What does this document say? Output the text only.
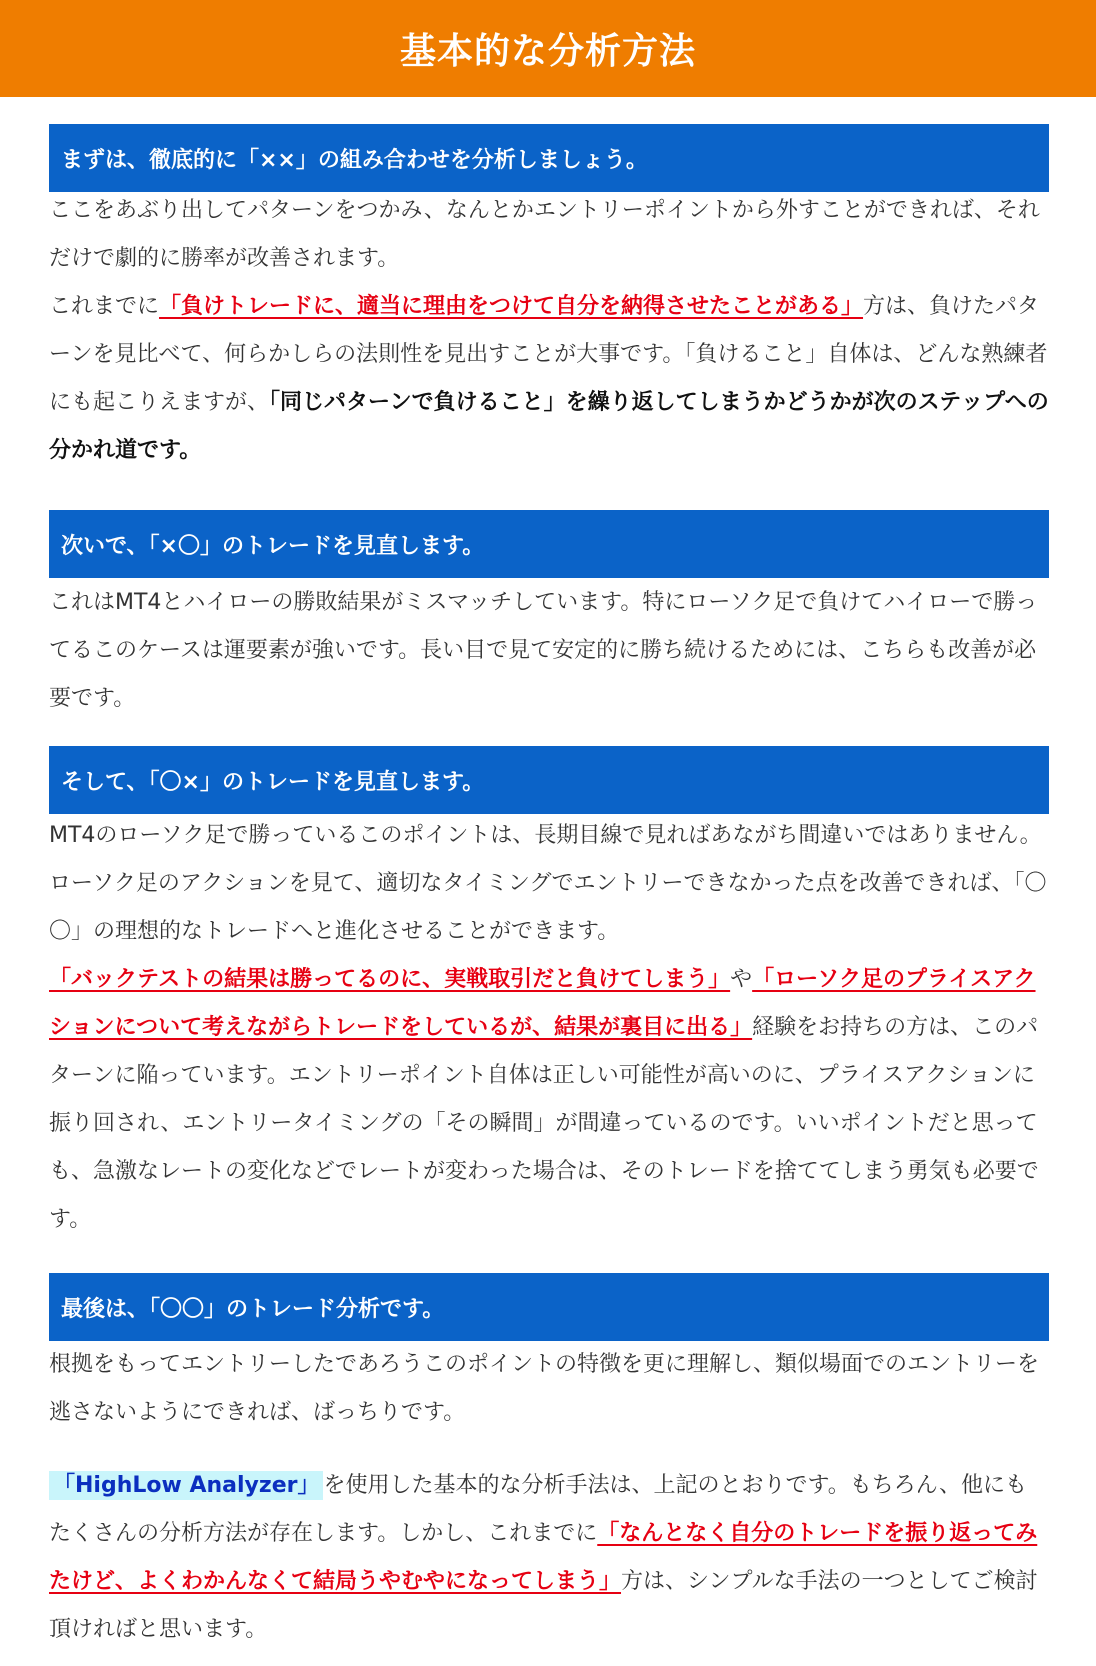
基本的な分析方法
まずは、徹底的に「××」の組み合わせを分析しましょう。

ここをあぶり出してパターンをつかみ、なんとかエントリーポイントから外すことができれば、それだけで劇的に勝率が改善されます。

これまでに「負けトレードに、適当に理由をつけて自分を納得させたことがある」方は、負けたパターンを見比べて、何らかしらの法則性を見出すことが大事です。「負けること」自体は、どんな熟練者にも起こりえますが、「同じパターンで負けること」を繰り返してしまうかどうかが次のステップへの分かれ道です。

次いで、「×〇」のトレードを見直します。

これはMT4とハイローの勝敗結果がミスマッチしています。特にローソク足で負けてハイローで勝ってるこのケースは運要素が強いです。長い目で見て安定的に勝ち続けるためには、こちらも改善が必要です。

そして、「〇×」のトレードを見直します。

MT4のローソク足で勝っているこのポイントは、長期目線で見ればあながち間違いではありません。ローソク足のアクションを見て、適切なタイミングでエントリーできなかった点を改善できれば、「〇〇」の理想的なトレードへと進化させることができます。

「バックテストの結果は勝ってるのに、実戦取引だと負けてしまう」や「ローソク足のプライスアクションについて考えながらトレードをしているが、結果が裏目に出る」経験をお持ちの方は、このパターンに陥っています。エントリーポイント自体は正しい可能性が高いのに、プライスアクションに振り回され、エントリータイミングの「その瞬間」が間違っているのです。いいポイントだと思っても、急激なレートの変化などでレートが変わった場合は、そのトレードを捨ててしまう勇気も必要です。

最後は、「〇〇」のトレード分析です。

根拠をもってエントリーしたであろうこのポイントの特徴を更に理解し、類似場面でのエントリーを逃さないようにできれば、ばっちりです。

「HighLow Analyzer」 を使用した基本的な分析手法は、上記のとおりです。もちろん、他にもたくさんの分析方法が存在します。しかし、これまでに「なんとなく自分のトレードを振り返ってみたけど、よくわかんなくて結局うやむやになってしまう」方は、シンプルな手法の一つとしてご検討頂ければと思います。
